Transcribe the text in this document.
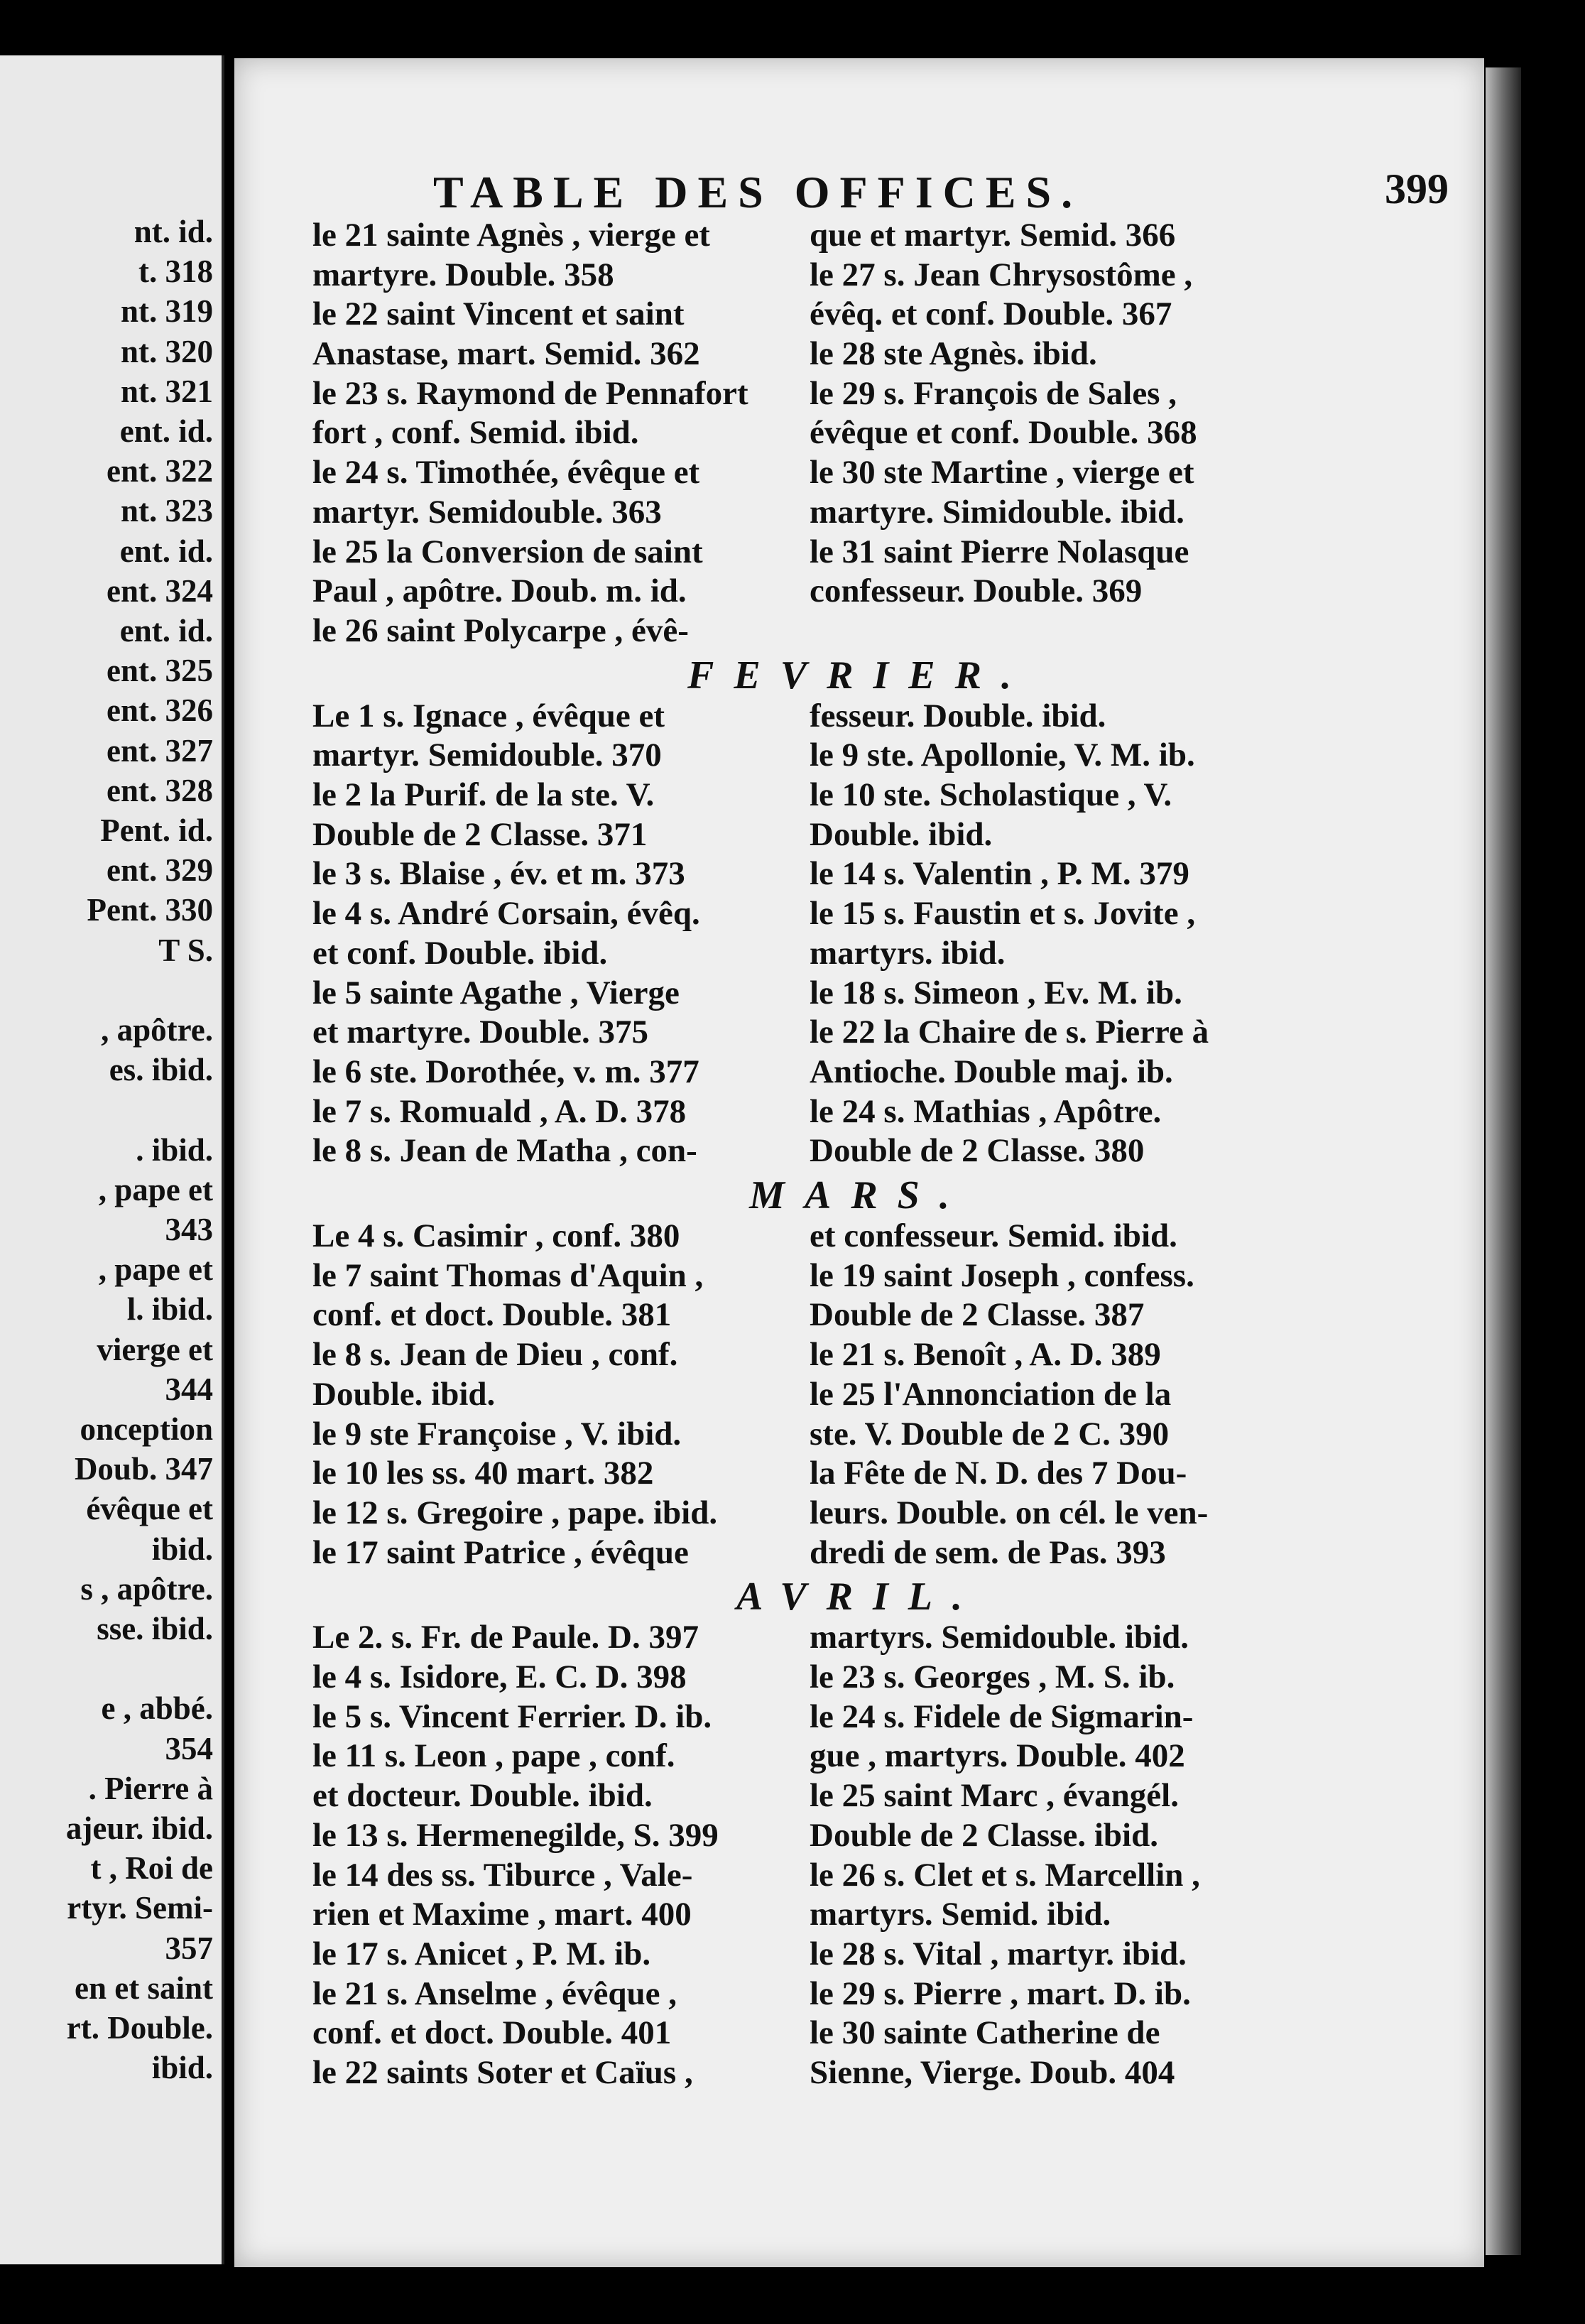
nt. id.
t. 318
nt. 319
nt. 320
nt. 321
ent. id.
ent. 322
nt. 323
ent. id.
ent. 324
ent. id.
ent. 325
ent. 326
ent. 327
ent. 328
Pent. id.
ent. 329
Pent. 330
T S.
, apôtre.
es. ibid.
. ibid.
, pape et
343
, pape et
l. ibid.
vierge et
344
onception
Doub. 347
évêque et
ibid.
s , apôtre.
sse. ibid.
e , abbé.
354
. Pierre à
ajeur. ibid.
t , Roi de
rtyr. Semi-
357
en et saint
rt. Double.
ibid.
TABLE DES OFFICES.	399
le 21 sainte Agnès , vierge et
martyre. Double. 358
le 22 saint Vincent et saint
Anastase, mart. Semid. 362
le 23 s. Raymond de Pennafort
fort , conf. Semid. ibid.
le 24 s. Timothée, évêque et
martyr. Semidouble. 363
le 25 la Conversion de saint
Paul , apôtre. Doub. m. id.
le 26 saint Polycarpe , évê-
que et martyr. Semid. 366
le 27 s. Jean Chrysostôme ,
évêq. et conf. Double. 367
le 28 ste Agnès. ibid.
le 29 s. François de Sales ,
évêque et conf. Double. 368
le 30 ste Martine , vierge et
martyre. Simidouble. ibid.
le 31 saint Pierre Nolasque
confesseur. Double. 369
FEVRIER.
Le 1 s. Ignace , évêque et
martyr. Semidouble. 370
le 2 la Purif. de la ste. V.
Double de 2 Classe. 371
le 3 s. Blaise , év. et m. 373
le 4 s. André Corsain, évêq.
et conf. Double. ibid.
le 5 sainte Agathe , Vierge
et martyre. Double. 375
le 6 ste. Dorothée, v. m. 377
le 7 s. Romuald , A. D. 378
le 8 s. Jean de Matha , con-
fesseur. Double. ibid.
le 9 ste. Apollonie, V. M. ib.
le 10 ste. Scholastique , V.
Double. ibid.
le 14 s. Valentin , P. M. 379
le 15 s. Faustin et s. Jovite ,
martyrs. ibid.
le 18 s. Simeon , Ev. M. ib.
le 22 la Chaire de s. Pierre à
Antioche. Double maj. ib.
le 24 s. Mathias , Apôtre.
Double de 2 Classe. 380
MARS.
Le 4 s. Casimir , conf. 380
le 7 saint Thomas d'Aquin ,
conf. et doct. Double. 381
le 8 s. Jean de Dieu , conf.
Double. ibid.
le 9 ste Françoise , V. ibid.
le 10 les ss. 40 mart. 382
le 12 s. Gregoire , pape. ibid.
le 17 saint Patrice , évêque
et confesseur. Semid. ibid.
le 19 saint Joseph , confess.
Double de 2 Classe. 387
le 21 s. Benoît , A. D. 389
le 25 l'Annonciation de la
ste. V. Double de 2 C. 390
la Fête de N. D. des 7 Dou-
leurs. Double. on cél. le ven-
dredi de sem. de Pas. 393
AVRIL.
Le 2. s. Fr. de Paule. D. 397
le 4 s. Isidore, E. C. D. 398
le 5 s. Vincent Ferrier. D. ib.
le 11 s. Leon , pape , conf.
et docteur. Double. ibid.
le 13 s. Hermenegilde, S. 399
le 14 des ss. Tiburce , Vale-
rien et Maxime , mart. 400
le 17 s. Anicet , P. M. ib.
le 21 s. Anselme , évêque ,
conf. et doct. Double. 401
le 22 saints Soter et Caïus ,
martyrs. Semidouble. ibid.
le 23 s. Georges , M. S. ib.
le 24 s. Fidele de Sigmarin-
gue , martyrs. Double. 402
le 25 saint Marc , évangél.
Double de 2 Classe. ibid.
le 26 s. Clet et s. Marcellin ,
martyrs. Semid. ibid.
le 28 s. Vital , martyr. ibid.
le 29 s. Pierre , mart. D. ib.
le 30 sainte Catherine de
Sienne, Vierge. Doub. 404
